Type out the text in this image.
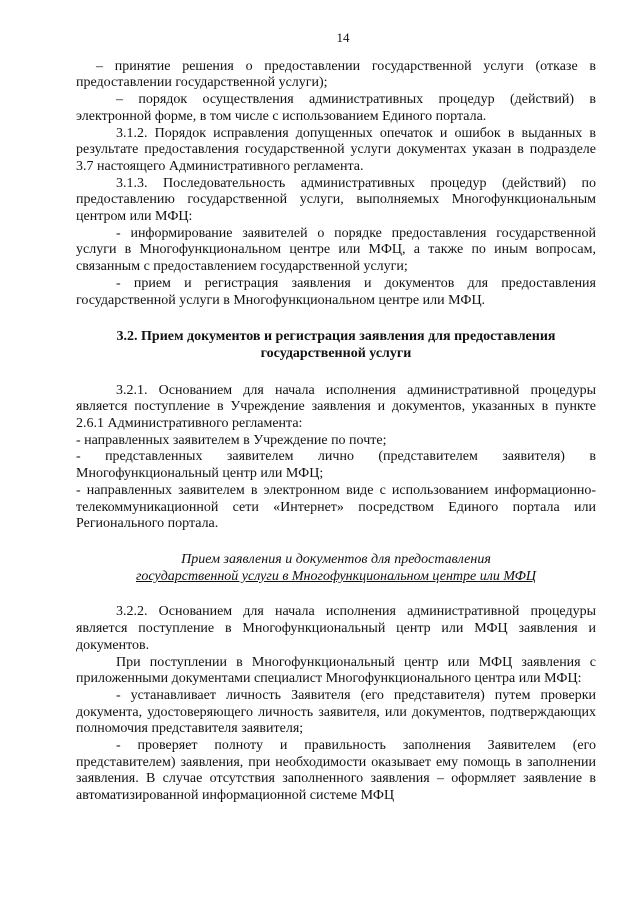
14

– принятие решения о предоставлении государственной услуги (отказе в предоставлении государственной услуги);

– порядок осуществления административных процедур (действий) в электронной форме, в том числе с использованием Единого портала.

3.1.2. Порядок исправления допущенных опечаток и ошибок в выданных в результате предоставления государственной услуги документах указан в подразделе 3.7 настоящего Административного регламента.

3.1.3. Последовательность административных процедур (действий) по предоставлению государственной услуги, выполняемых Многофункциональным центром или МФЦ:

- информирование заявителей о порядке предоставления государственной услуги в Многофункциональном центре или МФЦ, а также по иным вопросам, связанным с предоставлением государственной услуги;

- прием и регистрация заявления и документов для предоставления государственной услуги в Многофункциональном центре или МФЦ.

3.2. Прием документов и регистрация заявления для предоставления
государственной услуги

3.2.1. Основанием для начала исполнения административной процедуры является поступление в Учреждение заявления и документов, указанных в пункте 2.6.1 Административного регламента:

- направленных заявителем в Учреждение по почте;

- представленных заявителем лично (представителем заявителя) в Многофункциональный центр или МФЦ;

- направленных заявителем в электронном виде с использованием информационно-телекоммуникационной сети «Интернет» посредством Единого портала или Регионального портала.

Прием заявления и документов для предоставления
государственной услуги в Многофункциональном центре или МФЦ

3.2.2. Основанием для начала исполнения административной процедуры является поступление в Многофункциональный центр или МФЦ заявления и документов.

При поступлении в Многофункциональный центр или МФЦ заявления с приложенными документами специалист Многофункционального центра или МФЦ:

- устанавливает личность Заявителя (его представителя) путем проверки документа, удостоверяющего личность заявителя, или документов, подтверждающих полномочия представителя заявителя;

- проверяет полноту и правильность заполнения Заявителем (его представителем) заявления, при необходимости оказывает ему помощь в заполнении заявления. В случае отсутствия заполненного заявления – оформляет заявление в автоматизированной информационной системе МФЦ
